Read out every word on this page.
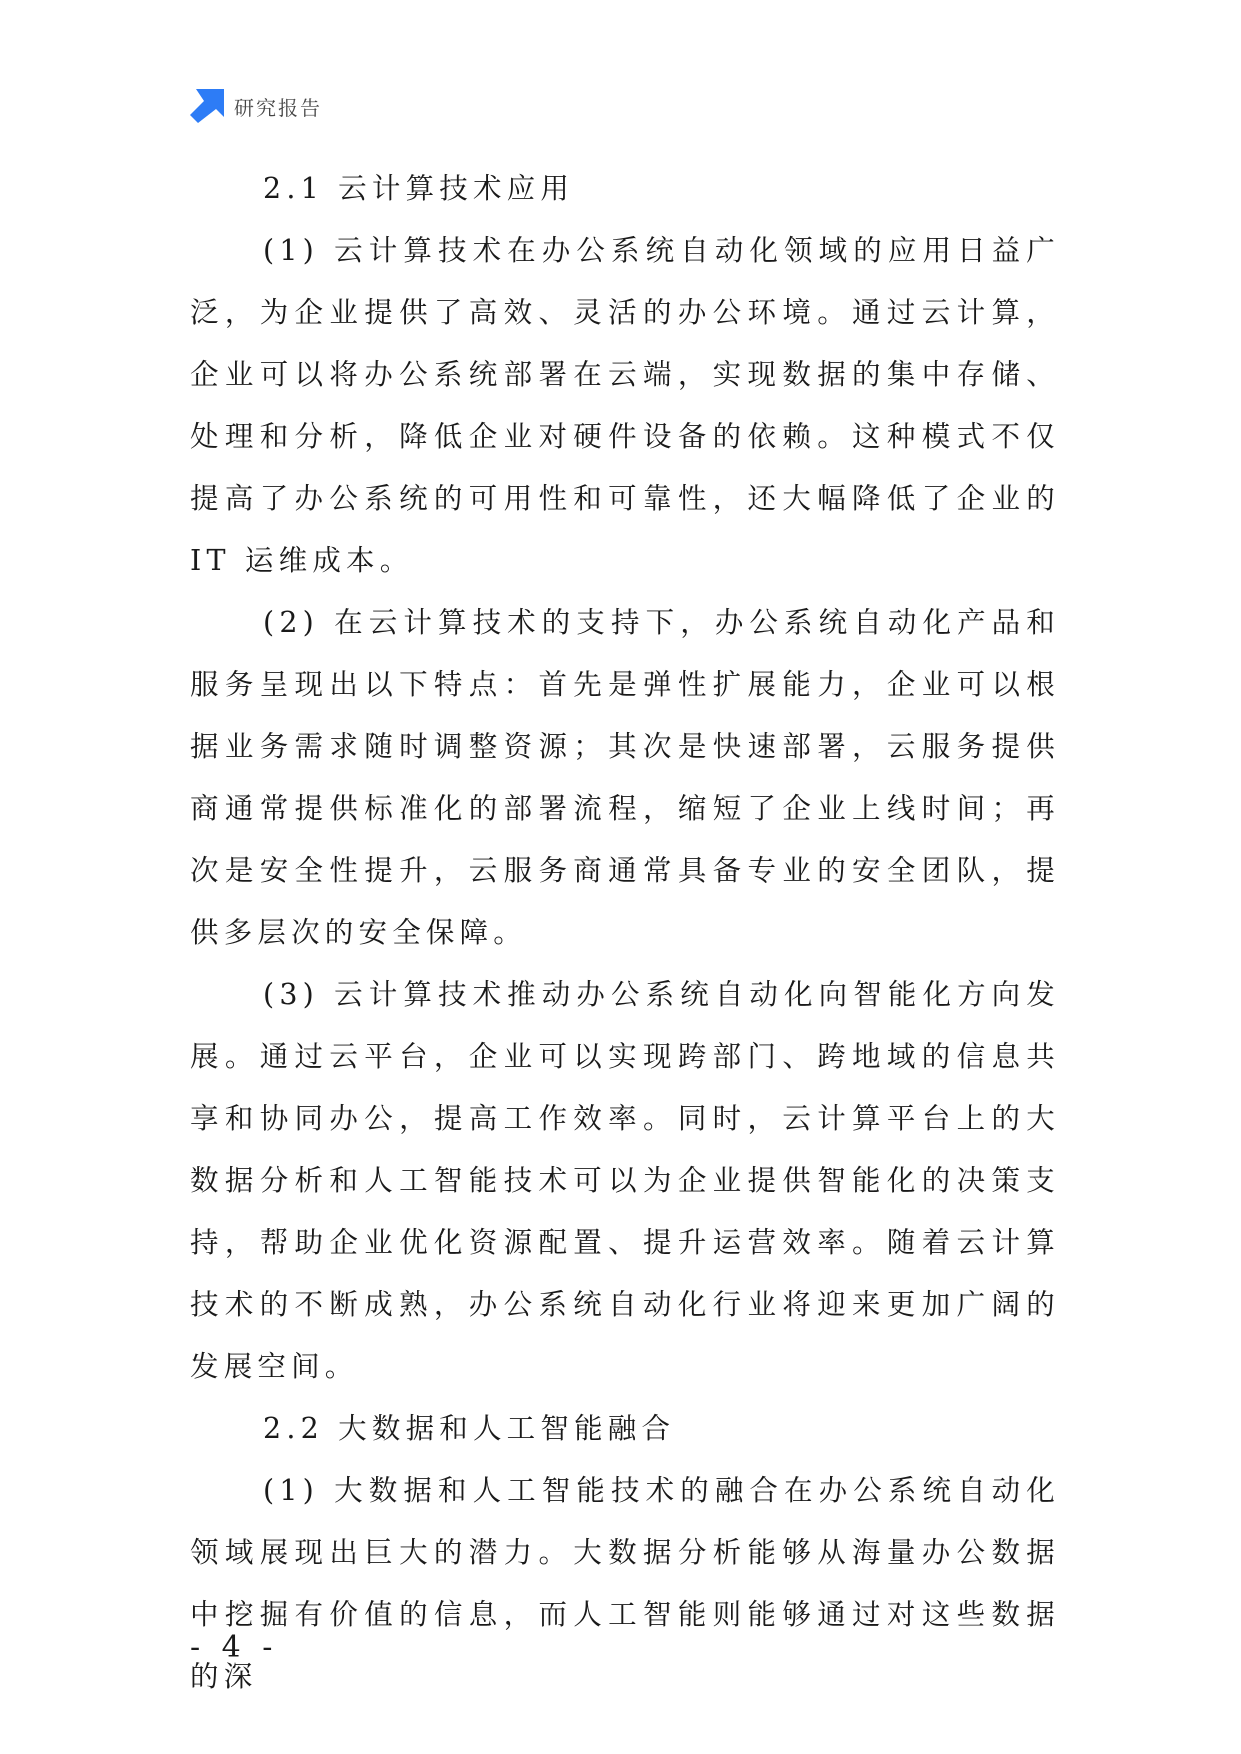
研究报告

2.1 云计算技术应用

(1) 云计算技术在办公系统自动化领域的应用日益广泛，为企业提供了高效、灵活的办公环境。通过云计算，企业可以将办公系统部署在云端，实现数据的集中存储、处理和分析，降低企业对硬件设备的依赖。这种模式不仅提高了办公系统的可用性和可靠性，还大幅降低了企业的 IT 运维成本。

(2) 在云计算技术的支持下，办公系统自动化产品和服务呈现出以下特点：首先是弹性扩展能力，企业可以根据业务需求随时调整资源；其次是快速部署，云服务提供商通常提供标准化的部署流程，缩短了企业上线时间；再次是安全性提升，云服务商通常具备专业的安全团队，提供多层次的安全保障。

(3) 云计算技术推动办公系统自动化向智能化方向发展。通过云平台，企业可以实现跨部门、跨地域的信息共享和协同办公，提高工作效率。同时，云计算平台上的大数据分析和人工智能技术可以为企业提供智能化的决策支持，帮助企业优化资源配置、提升运营效率。随着云计算技术的不断成熟，办公系统自动化行业将迎来更加广阔的发展空间。

2.2 大数据和人工智能融合

(1) 大数据和人工智能技术的融合在办公系统自动化领域展现出巨大的潜力。大数据分析能够从海量办公数据中挖掘有价值的信息，而人工智能则能够通过对这些数据的深

- 4 -
